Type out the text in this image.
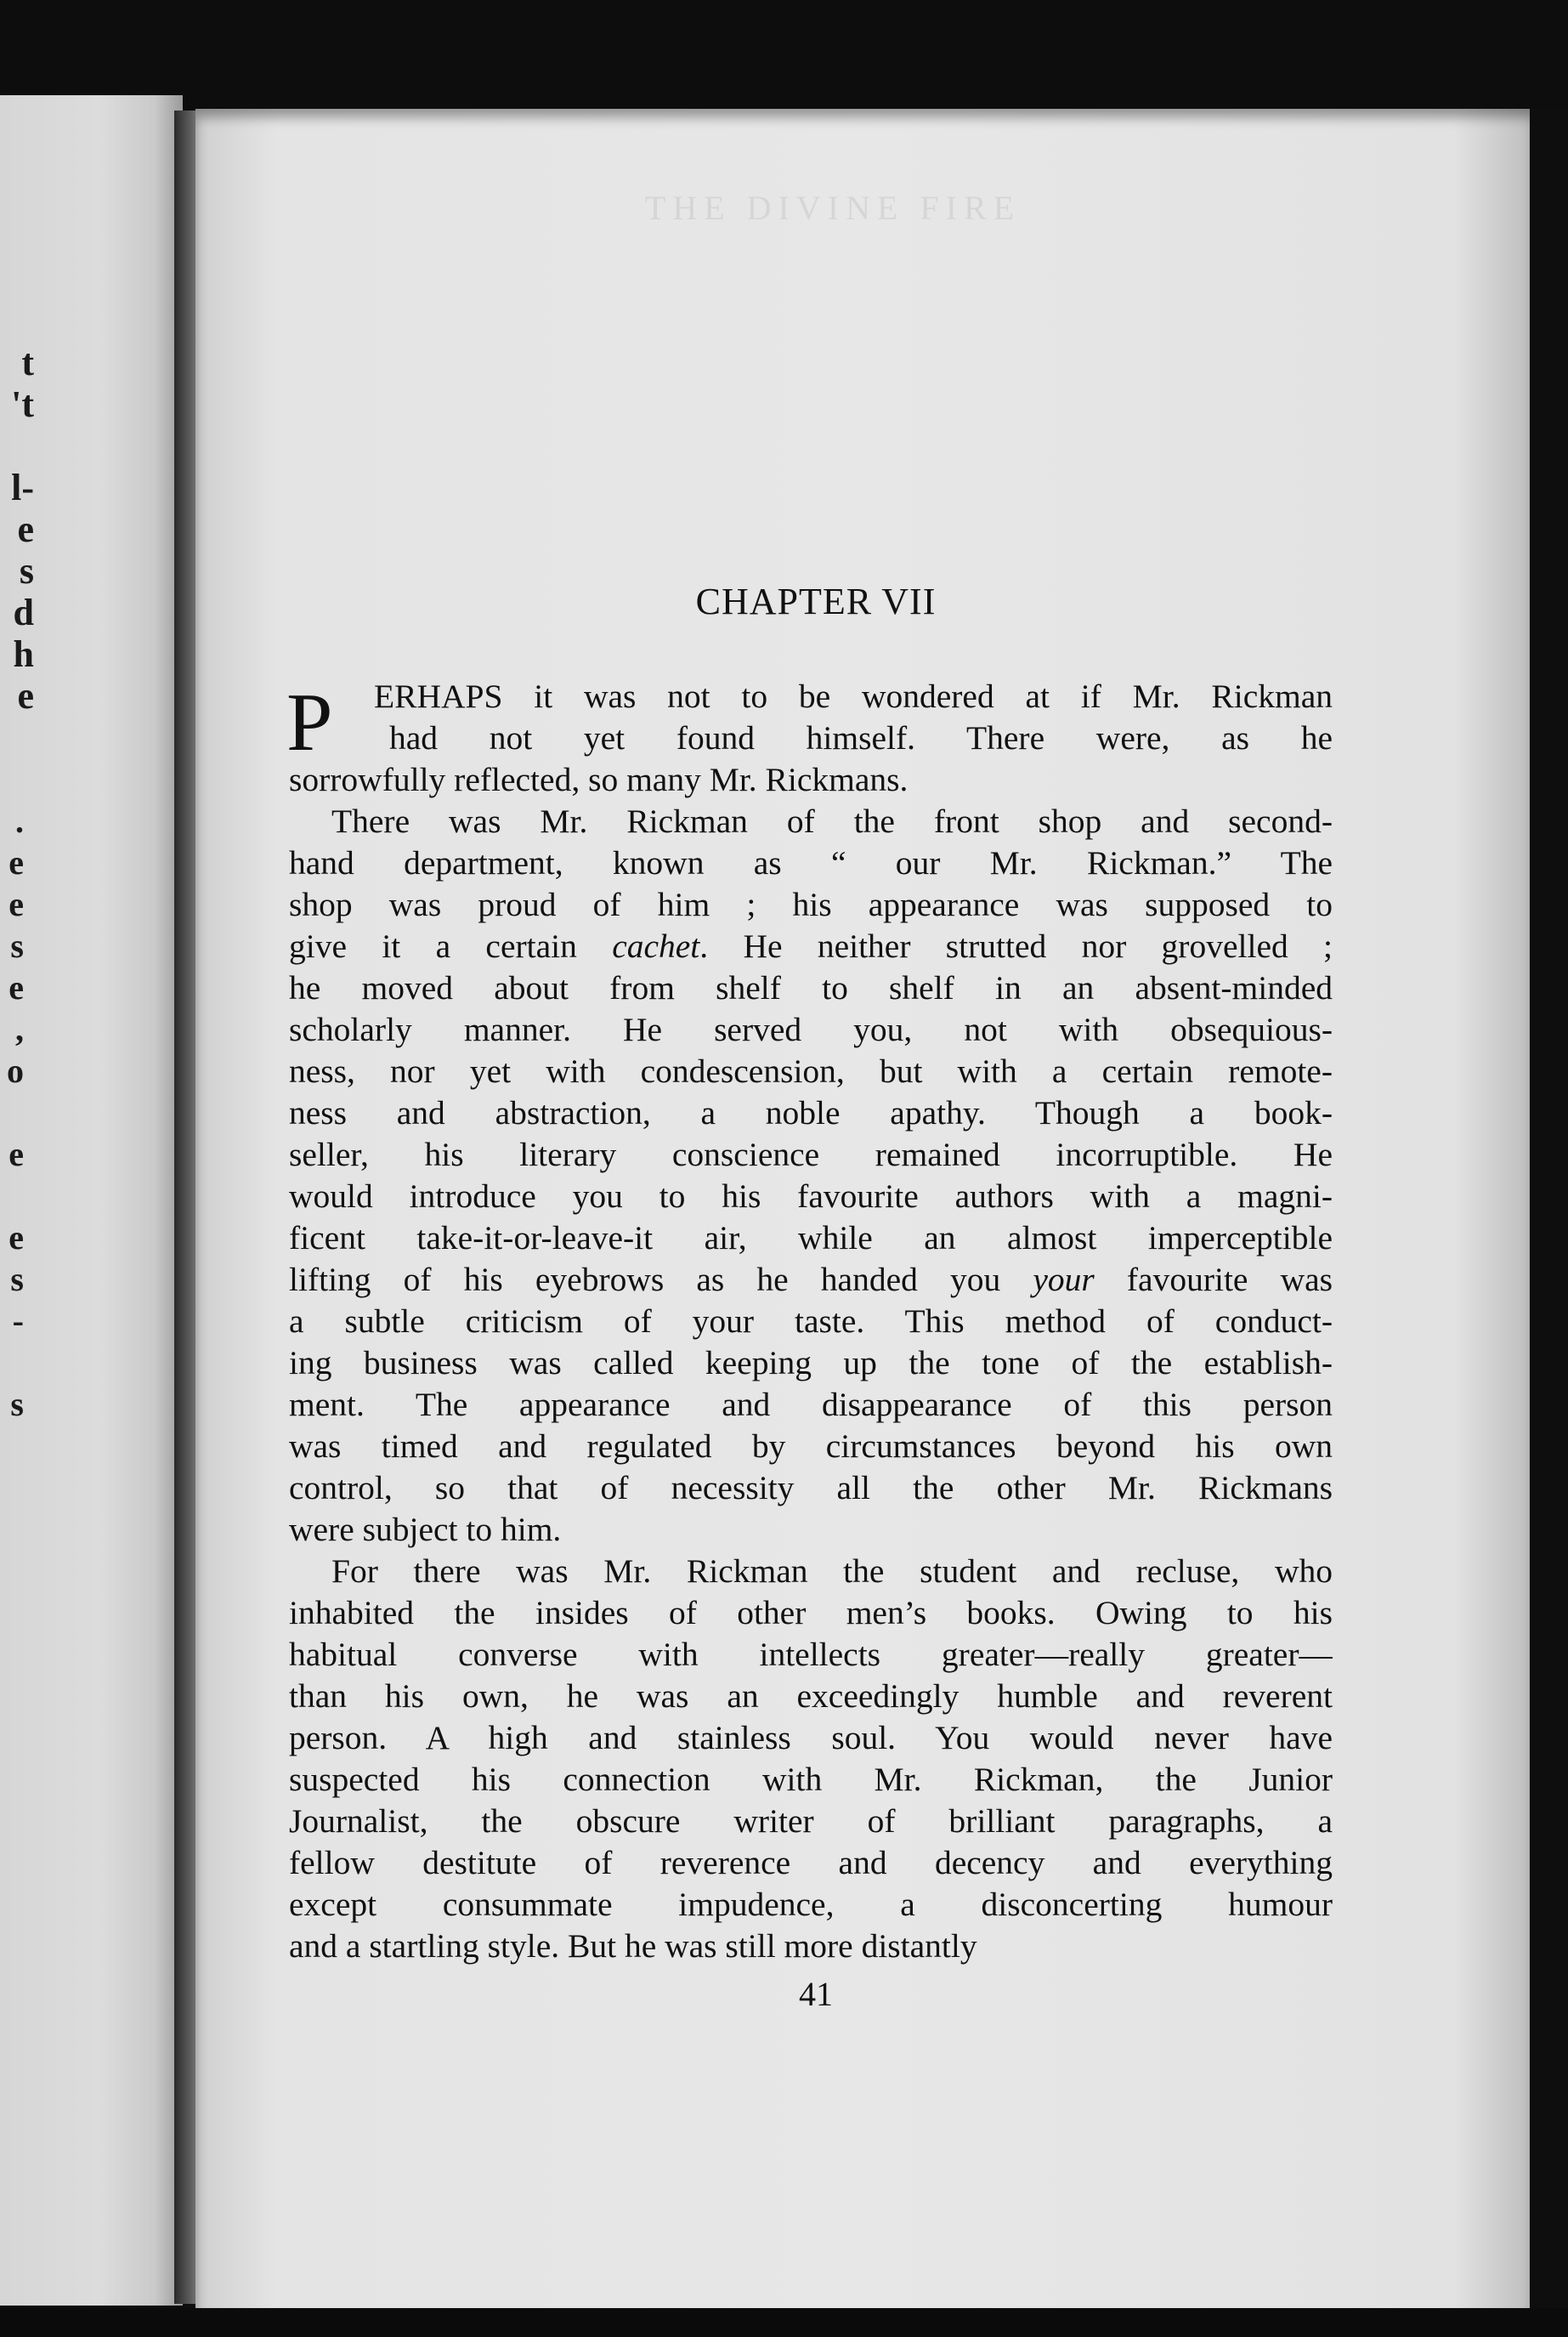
t
't
l-
e
s
d
h
e
.
e
e
s
e
,
o
e
e
s
-
s
THE DIVINE FIRE
CHAPTER VII
P	ERHAPS it was not to be wondered at if Mr. Rickman
had not yet found himself. There were, as he
sorrowfully reflected, so many Mr. Rickmans.
There was Mr. Rickman of the front shop and second-
hand department, known as “ our Mr. Rickman.” The
shop was proud of him ; his appearance was supposed to
give it a certain cachet. He neither strutted nor grovelled ;
he moved about from shelf to shelf in an absent-minded
scholarly manner. He served you, not with obsequious-
ness, nor yet with condescension, but with a certain remote-
ness and abstraction, a noble apathy. Though a book-
seller, his literary conscience remained incorruptible. He
would introduce you to his favourite authors with a magni-
ficent take-it-or-leave-it air, while an almost imperceptible
lifting of his eyebrows as he handed you your favourite was
a subtle criticism of your taste. This method of conduct-
ing business was called keeping up the tone of the establish-
ment. The appearance and disappearance of this person
was timed and regulated by circumstances beyond his own
control, so that of necessity all the other Mr. Rickmans
were subject to him.
For there was Mr. Rickman the student and recluse, who
inhabited the insides of other men’s books. Owing to his
habitual converse with intellects greater—really greater—
than his own, he was an exceedingly humble and reverent
person. A high and stainless soul. You would never have
suspected his connection with Mr. Rickman, the Junior
Journalist, the obscure writer of brilliant paragraphs, a
fellow destitute of reverence and decency and everything
except consummate impudence, a disconcerting humour
and a startling style. But he was still more distantly
41
